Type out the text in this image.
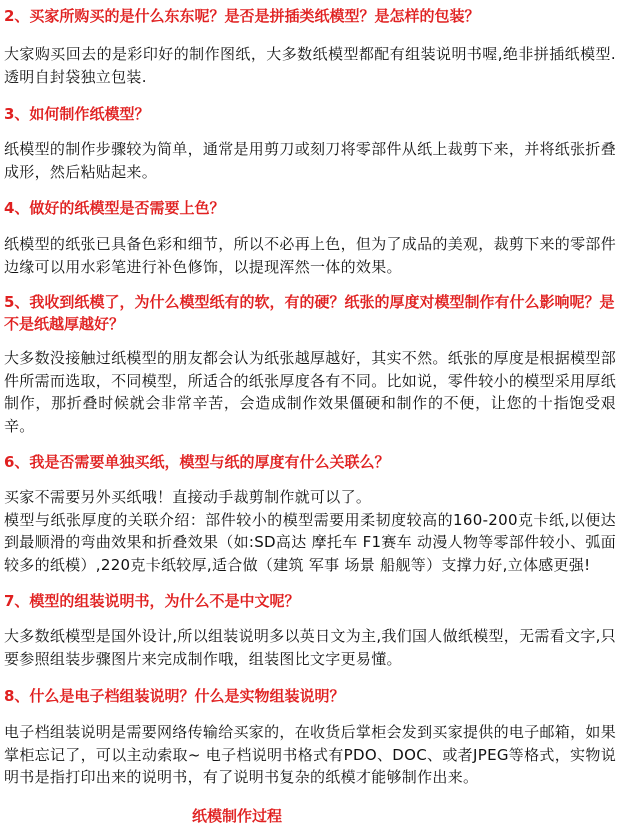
2、买家所购买的是什么东东呢？是否是拼插类纸模型？是怎样的包装？

大家购买回去的是彩印好的制作图纸，大多数纸模型都配有组装说明书喔,绝非拼插纸模型.透明自封袋独立包装.

3、如何制作纸模型？

纸模型的制作步骤较为简单，通常是用剪刀或刻刀将零部件从纸上裁剪下来，并将纸张折叠成形，然后粘贴起来。

4、做好的纸模型是否需要上色？

纸模型的纸张已具备色彩和细节，所以不必再上色，但为了成品的美观，裁剪下来的零部件边缘可以用水彩笔进行补色修饰，以提现浑然一体的效果。

5、我收到纸模了，为什么模型纸有的软，有的硬？纸张的厚度对模型制作有什么影响呢？是不是纸越厚越好？

大多数没接触过纸模型的朋友都会认为纸张越厚越好，其实不然。纸张的厚度是根据模型部件所需而选取，不同模型，所适合的纸张厚度各有不同。比如说，零件较小的模型采用厚纸制作，那折叠时候就会非常辛苦，会造成制作效果僵硬和制作的不便，让您的十指饱受艰辛。

6、我是否需要单独买纸，模型与纸的厚度有什么关联么？

买家不需要另外买纸哦！直接动手裁剪制作就可以了。

模型与纸张厚度的关联介绍：部件较小的模型需要用柔韧度较高的160-200克卡纸,以便达到最顺滑的弯曲效果和折叠效果（如:SD高达 摩托车 F1赛车 动漫人物等零部件较小、弧面较多的纸模）,220克卡纸较厚,适合做（建筑 军事 场景 船舰等）支撑力好,立体感更强!

7、模型的组装说明书，为什么不是中文呢？

大多数纸模型是国外设计,所以组装说明多以英日文为主,我们国人做纸模型，无需看文字,只要参照组装步骤图片来完成制作哦，组装图比文字更易懂。

8、什么是电子档组装说明？什么是实物组装说明？

电子档组装说明是需要网络传输给买家的，在收货后掌柜会发到买家提供的电子邮箱，如果掌柜忘记了，可以主动索取~ 电子档说明书格式有PDO、DOC、或者JPEG等格式，实物说明书是指打印出来的说明书，有了说明书复杂的纸模才能够制作出来。

纸模制作过程
